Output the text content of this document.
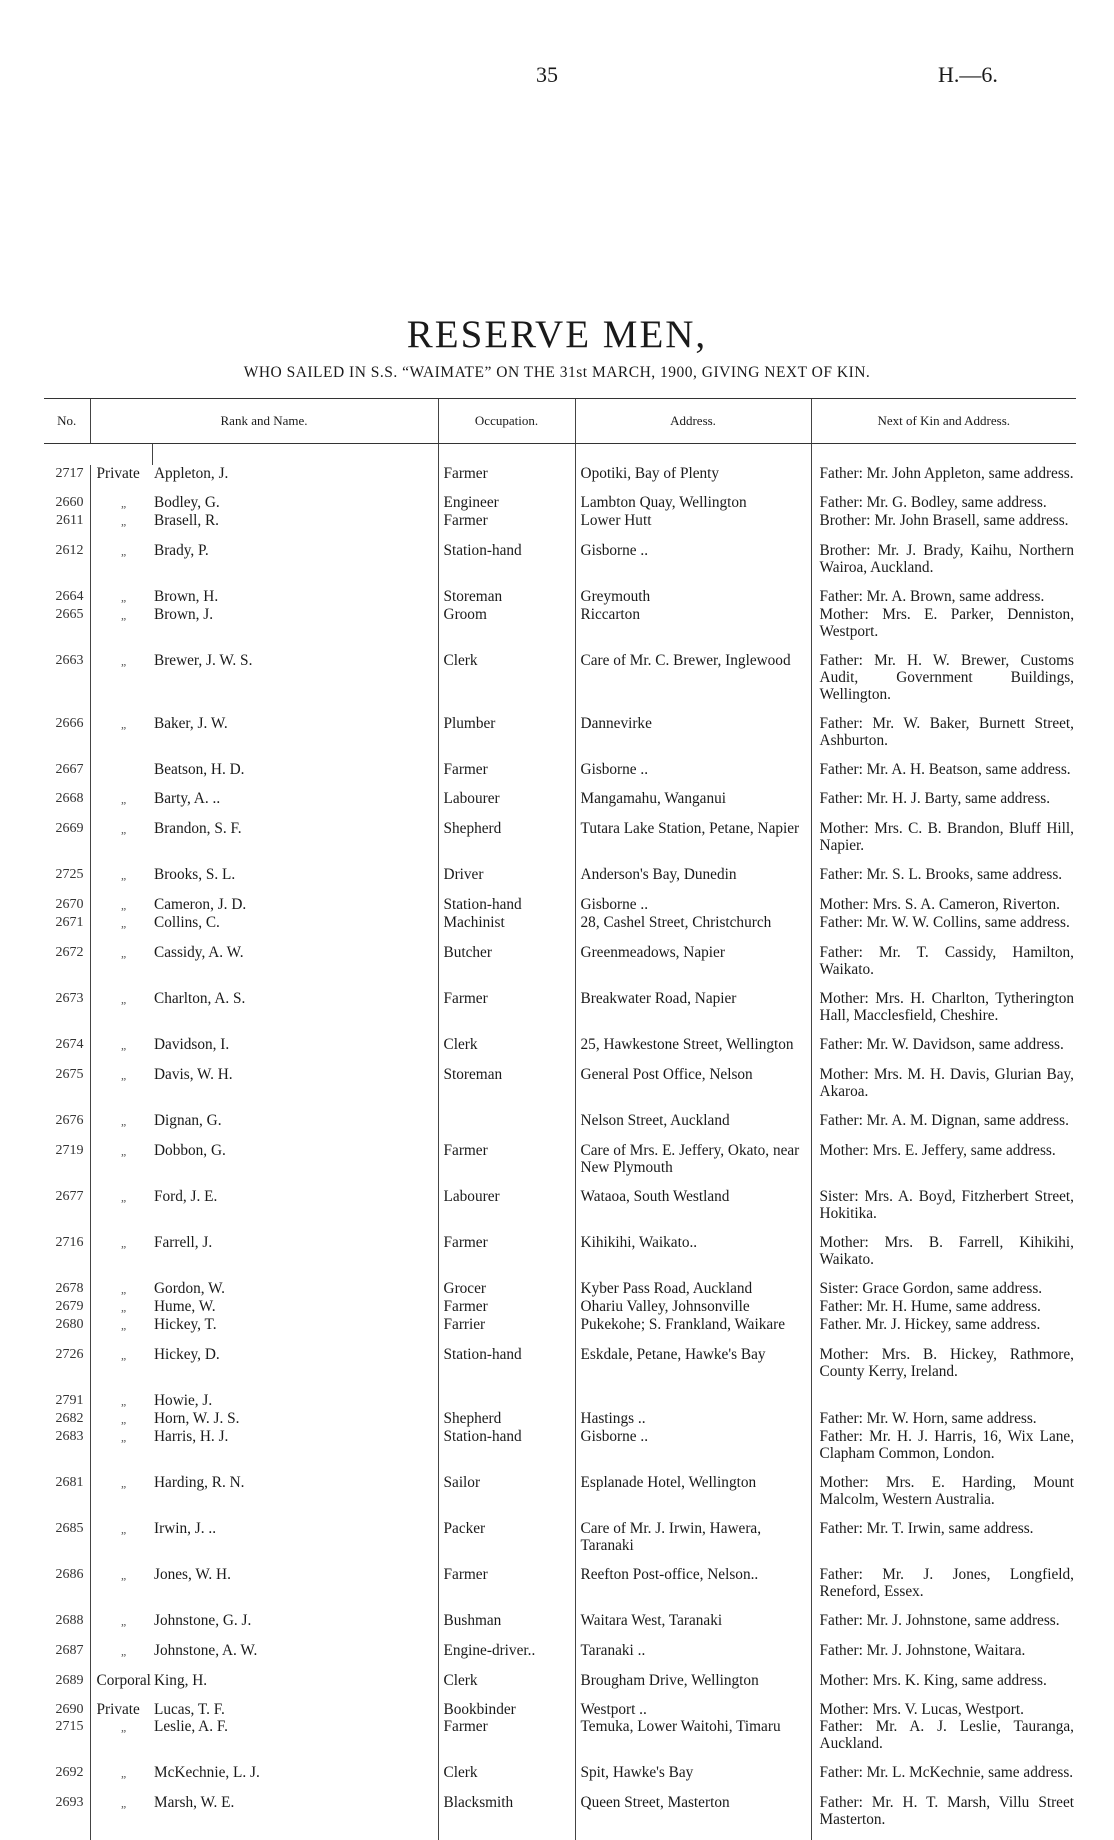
35	H.—6.
RESERVE MEN,
WHO SAILED IN S.S. “WAIMATE” ON THE 31st MARCH, 1900, GIVING NEXT OF KIN.
No.	Rank and Name.		Occupation.	Address.	Next of Kin and Address.

2717	Private	Appleton, J.	Farmer	Opotiki, Bay of Plenty	Father: Mr. John Appleton, same address.
2660	„	Bodley, G.	Engineer	Lambton Quay, Wellington	Father: Mr. G. Bodley, same address.
2611	„	Brasell, R.	Farmer	Lower Hutt	Brother: Mr. John Brasell, same address.
2612	„	Brady, P.	Station-hand	Gisborne ..	Brother: Mr. J. Brady, Kaihu, Northern Wairoa, Auckland.
2664	„	Brown, H.	Storeman	Greymouth	Father: Mr. A. Brown, same address.
2665	„	Brown, J.	Groom	Riccarton	Mother: Mrs. E. Parker, Denniston, Westport.
2663	„	Brewer, J. W. S.	Clerk	Care of Mr. C. Brewer, Inglewood	Father: Mr. H. W. Brewer, Customs Audit, Government Buildings, Wellington.
2666	„	Baker, J. W.	Plumber	Dannevirke	Father: Mr. W. Baker, Burnett Street, Ashburton.
2667		Beatson, H. D.	Farmer	Gisborne ..	Father: Mr. A. H. Beatson, same address.
2668	„	Barty, A. ..	Labourer	Mangamahu, Wanganui	Father: Mr. H. J. Barty, same address.
2669	„	Brandon, S. F.	Shepherd	Tutara Lake Station, Petane, Napier	Mother: Mrs. C. B. Brandon, Bluff Hill, Napier.
2725	„	Brooks, S. L.	Driver	Anderson's Bay, Dunedin	Father: Mr. S. L. Brooks, same address.
2670	„	Cameron, J. D.	Station-hand	Gisborne ..	Mother: Mrs. S. A. Cameron, Riverton.
2671	„	Collins, C.	Machinist	28, Cashel Street, Christchurch	Father: Mr. W. W. Collins, same address.
2672	„	Cassidy, A. W.	Butcher	Greenmeadows, Napier	Father: Mr. T. Cassidy, Hamilton, Waikato.
2673	„	Charlton, A. S.	Farmer	Breakwater Road, Napier	Mother: Mrs. H. Charlton, Tytherington Hall, Macclesfield, Cheshire.
2674	„	Davidson, I.	Clerk	25, Hawkestone Street, Wellington	Father: Mr. W. Davidson, same address.
2675	„	Davis, W. H.	Storeman	General Post Office, Nelson	Mother: Mrs. M. H. Davis, Glurian Bay, Akaroa.
2676	„	Dignan, G.		Nelson Street, Auckland	Father: Mr. A. M. Dignan, same address.
2719	„	Dobbon, G.	Farmer	Care of Mrs. E. Jeffery, Okato, near New Plymouth	Mother: Mrs. E. Jeffery, same address.
2677	„	Ford, J. E.	Labourer	Wataoa, South Westland	Sister: Mrs. A. Boyd, Fitzherbert Street, Hokitika.
2716	„	Farrell, J.	Farmer	Kihikihi, Waikato..	Mother: Mrs. B. Farrell, Kihikihi, Waikato.
2678	„	Gordon, W.	Grocer	Kyber Pass Road, Auckland	Sister: Grace Gordon, same address.
2679	„	Hume, W.	Farmer	Ohariu Valley, Johnsonville	Father: Mr. H. Hume, same address.
2680	„	Hickey, T.	Farrier	Pukekohe; S. Frankland, Waikare	Father. Mr. J. Hickey, same address.
2726	„	Hickey, D.	Station-hand	Eskdale, Petane, Hawke's Bay	Mother: Mrs. B. Hickey, Rathmore, County Kerry, Ireland.
2791	„	Howie, J.			
2682	„	Horn, W. J. S.	Shepherd	Hastings ..	Father: Mr. W. Horn, same address.
2683	„	Harris, H. J.	Station-hand	Gisborne ..	Father: Mr. H. J. Harris, 16, Wix Lane, Clapham Common, London.
2681	„	Harding, R. N.	Sailor	Esplanade Hotel, Wellington	Mother: Mrs. E. Harding, Mount Malcolm, Western Australia.
2685	„	Irwin, J. ..	Packer	Care of Mr. J. Irwin, Hawera, Taranaki	Father: Mr. T. Irwin, same address.
2686	„	Jones, W. H.	Farmer	Reefton Post-office, Nelson..	Father: Mr. J. Jones, Longfield, Reneford, Essex.
2688	„	Johnstone, G. J.	Bushman	Waitara West, Taranaki	Father: Mr. J. Johnstone, same address.
2687	„	Johnstone, A. W.	Engine-driver..	Taranaki ..	Father: Mr. J. Johnstone, Waitara.
2689	Corporal	King, H.	Clerk	Brougham Drive, Wellington	Mother: Mrs. K. King, same address.
2690	Private	Lucas, T. F.	Bookbinder	Westport ..	Mother: Mrs. V. Lucas, Westport.
2715	„	Leslie, A. F.	Farmer	Temuka, Lower Waitohi, Timaru	Father: Mr. A. J. Leslie, Tauranga, Auckland.
2692	„	McKechnie, L. J.	Clerk	Spit, Hawke's Bay	Father: Mr. L. McKechnie, same address.
2693	„	Marsh, W. E.	Blacksmith	Queen Street, Masterton	Father: Mr. H. T. Marsh, Villu Street Masterton.
